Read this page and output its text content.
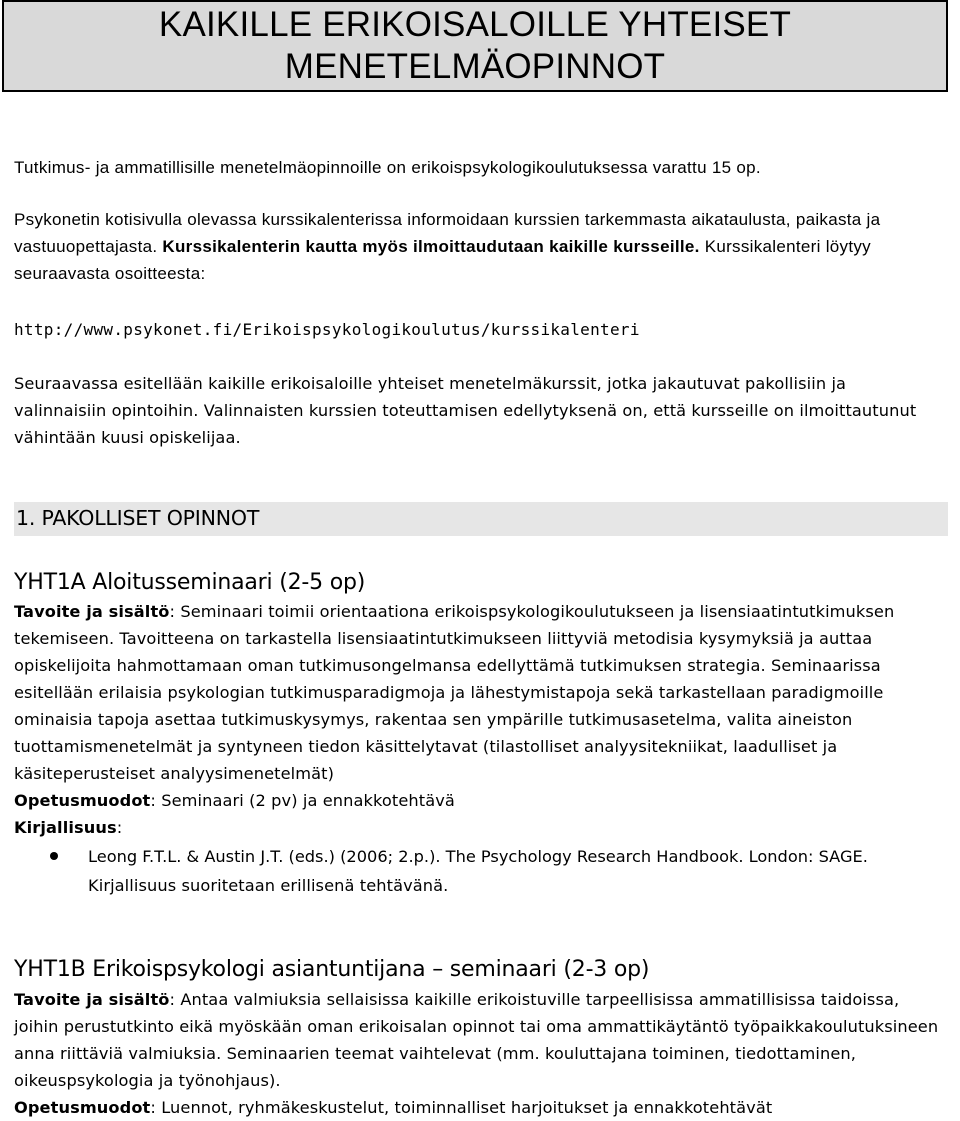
KAIKILLE ERIKOISALOILLE YHTEISET
MENETELMÄOPINNOT
Tutkimus- ja ammatillisille menetelmäopinnoille on erikoispsykologikoulutuksessa varattu 15 op.
Psykonetin kotisivulla olevassa kurssikalenterissa informoidaan kurssien tarkemmasta aikataulusta, paikasta ja vastuuopettajasta. Kurssikalenterin kautta myös ilmoittaudutaan kaikille kursseille. Kurssikalenteri löytyy seuraavasta osoitteesta:
http://www.psykonet.fi/Erikoispsykologikoulutus/kurssikalenteri
Seuraavassa esitellään kaikille erikoisaloille yhteiset menetelmäkurssit, jotka jakautuvat pakollisiin ja valinnaisiin opintoihin. Valinnaisten kurssien toteuttamisen edellytyksenä on, että kursseille on ilmoittautunut vähintään kuusi opiskelijaa.
1. PAKOLLISET OPINNOT
YHT1A Aloitusseminaari (2-5 op)
Tavoite ja sisältö: Seminaari toimii orientaationa erikoispsykologikoulutukseen ja lisensiaatintutkimuksen tekemiseen. Tavoitteena on tarkastella lisensiaatintutkimukseen liittyviä metodisia kysymyksiä ja auttaa opiskelijoita hahmottamaan oman tutkimusongelmansa edellyttämä tutkimuksen strategia. Seminaarissa esitellään erilaisia psykologian tutkimusparadigmoja ja lähestymistapoja sekä tarkastellaan paradigmoille ominaisia tapoja asettaa tutkimuskysymys, rakentaa sen ympärille tutkimusasetelma, valita aineiston tuottamismenetelmät ja syntyneen tiedon käsittelytavat (tilastolliset analyysitekniikat, laadulliset ja käsiteperusteiset analyysimenetelmät)
Opetusmuodot: Seminaari (2 pv) ja ennakkotehtävä
Kirjallisuus:
Leong F.T.L. & Austin J.T. (eds.) (2006; 2.p.). The Psychology Research Handbook. London: SAGE.
Kirjallisuus suoritetaan erillisenä tehtävänä.
YHT1B Erikoispsykologi asiantuntijana – seminaari (2-3 op)
Tavoite ja sisältö: Antaa valmiuksia sellaisissa kaikille erikoistuville tarpeellisissa ammatillisissa taidoissa, joihin perustutkinto eikä myöskään oman erikoisalan opinnot tai oma ammattikäytäntö työpaikkakoulutuksineen anna riittäviä valmiuksia. Seminaarien teemat vaihtelevat (mm. kouluttajana toiminen, tiedottaminen, oikeuspsykologia ja työnohjaus).
Opetusmuodot: Luennot, ryhmäkeskustelut, toiminnalliset harjoitukset ja ennakkotehtävät
